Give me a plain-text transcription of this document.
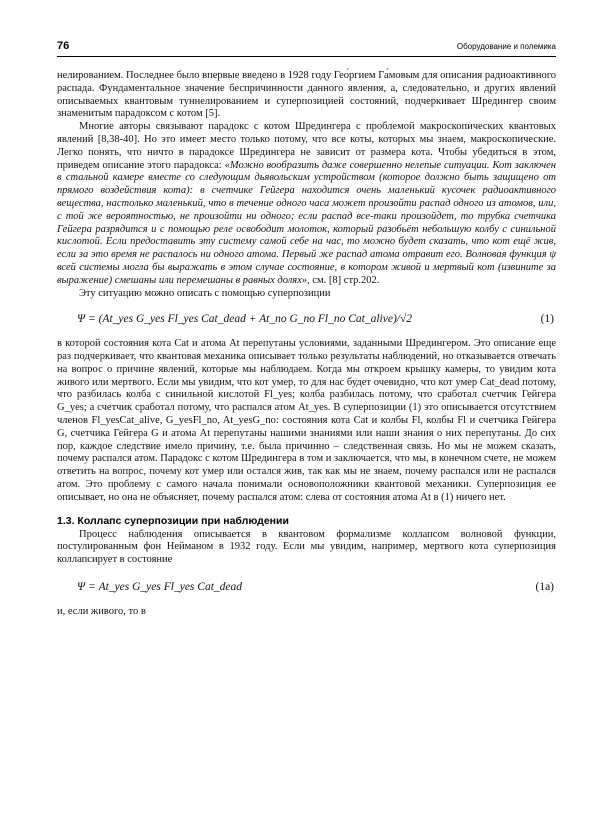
76	Оборудование и полемика

нелированием. Последнее было впервые введено в 1928 году Гео́ргием Га́мовым для описания радиоактивного распада. Фундаментальное значение беспричинности данного явления, а, следовательно, и других явлений описываемых квантовым туннелированием и суперпозицией состояний, подчеркивает Шредингер своим знаменитым парадоксом с котом [5].

Многие авторы связывают парадокс с котом Шредингера с проблемой макроскопических квантовых явлений [8,38-40]. Но это имеет место только потому, что все коты, которых мы знаем, макроскопические. Легко понять, что ничто в парадоксе Шредингера не зависит от размера кота. Чтобы убедиться в этом, приведем описание этого парадокса: «Можно вообразить даже совершенно нелепые ситуации. Кот заключен в стальной камере вместе со следующим дьявольским устройством (которое должно быть защищено от прямого воздействия кота): в счетчике Гейгера находится очень маленький кусочек радиоактивного вещества, настолько маленький, что в течение одного часа может произойти распад одного из атомов, или, с той же вероятностью, не произойти ни одного; если распад все-таки произойдет, то трубка счетчика Гейгера разрядится и с помощью реле освободит молоток, который разобьёт небольшую колбу с синильной кислотой. Если предоставить эту систему самой себе на час, то можно будет сказать, что кот ещё жив, если за это время не распалось ни одного атома. Первый же распад атома отравит его. Волновая функция ψ всей системы могла бы выражать в этом случае состояние, в котором живой и мертвый кот (извините за выражение) смешаны или перемешаны в равных долях», см. [8] стр.202.

Эту ситуацию можно описать с помощью суперпозиции

Ψ = (At_yes G_yes Fl_yes Cat_dead + At_no G_no Fl_no Cat_alive)/√2	(1)

в которой состояния кота Cat и атома At перепутаны условиями, заданными Шредингером. Это описание еще раз подчеркивает, что квантовая механика описывает только результаты наблюдений, но отказывается отвечать на вопрос о причине явлений, которые мы наблюдаем. Когда мы откроем крышку камеры, то увидим кота живого или мертвого. Если мы увидим, что кот умер, то для нас будет очевидно, что кот умер Cat_dead потому, что разбилась колба с синильной кислотой Fl_yes; колба разбилась потому, что сработал счетчик Гейгера G_yes; а счетчик сработал потому, что распался атом At_yes. В суперпозиции (1) это описывается отсутствием членов Fl_yesCat_alive, G_yesFl_no, At_yesG_no: состояния кота Cat и колбы Fl, колбы Fl и счетчика Гейгера G, счетчика Гейгера G и атома At перепутаны нашими знаниями или наши знания о них перепутаны. До сих пор, каждое следствие имело причину, т.е. была причинно – следственная связь. Но мы не можем сказать, почему распался атом. Парадокс с котом Шредингера в том и заключается, что мы, в конечном счете, не можем ответить на вопрос, почему кот умер или остался жив, так как мы не знаем, почему распался или не распался атом. Это проблему с самого начала понимали основоположники квантовой механики. Суперпозиция ее описывает, но она не объясняет, почему распался атом: слева от состояния атома At в (1) ничего нет.

1.3. Коллапс суперпозиции при наблюдении

Процесс наблюдения описывается в квантовом формализме коллапсом волновой функции, постулированным фон Нейманом в 1932 году. Если мы увидим, например, мертвого кота суперпозиция коллапсирует в состояние

Ψ = At_yes G_yes Fl_yes Cat_dead	(1a)

и, если живого, то в
